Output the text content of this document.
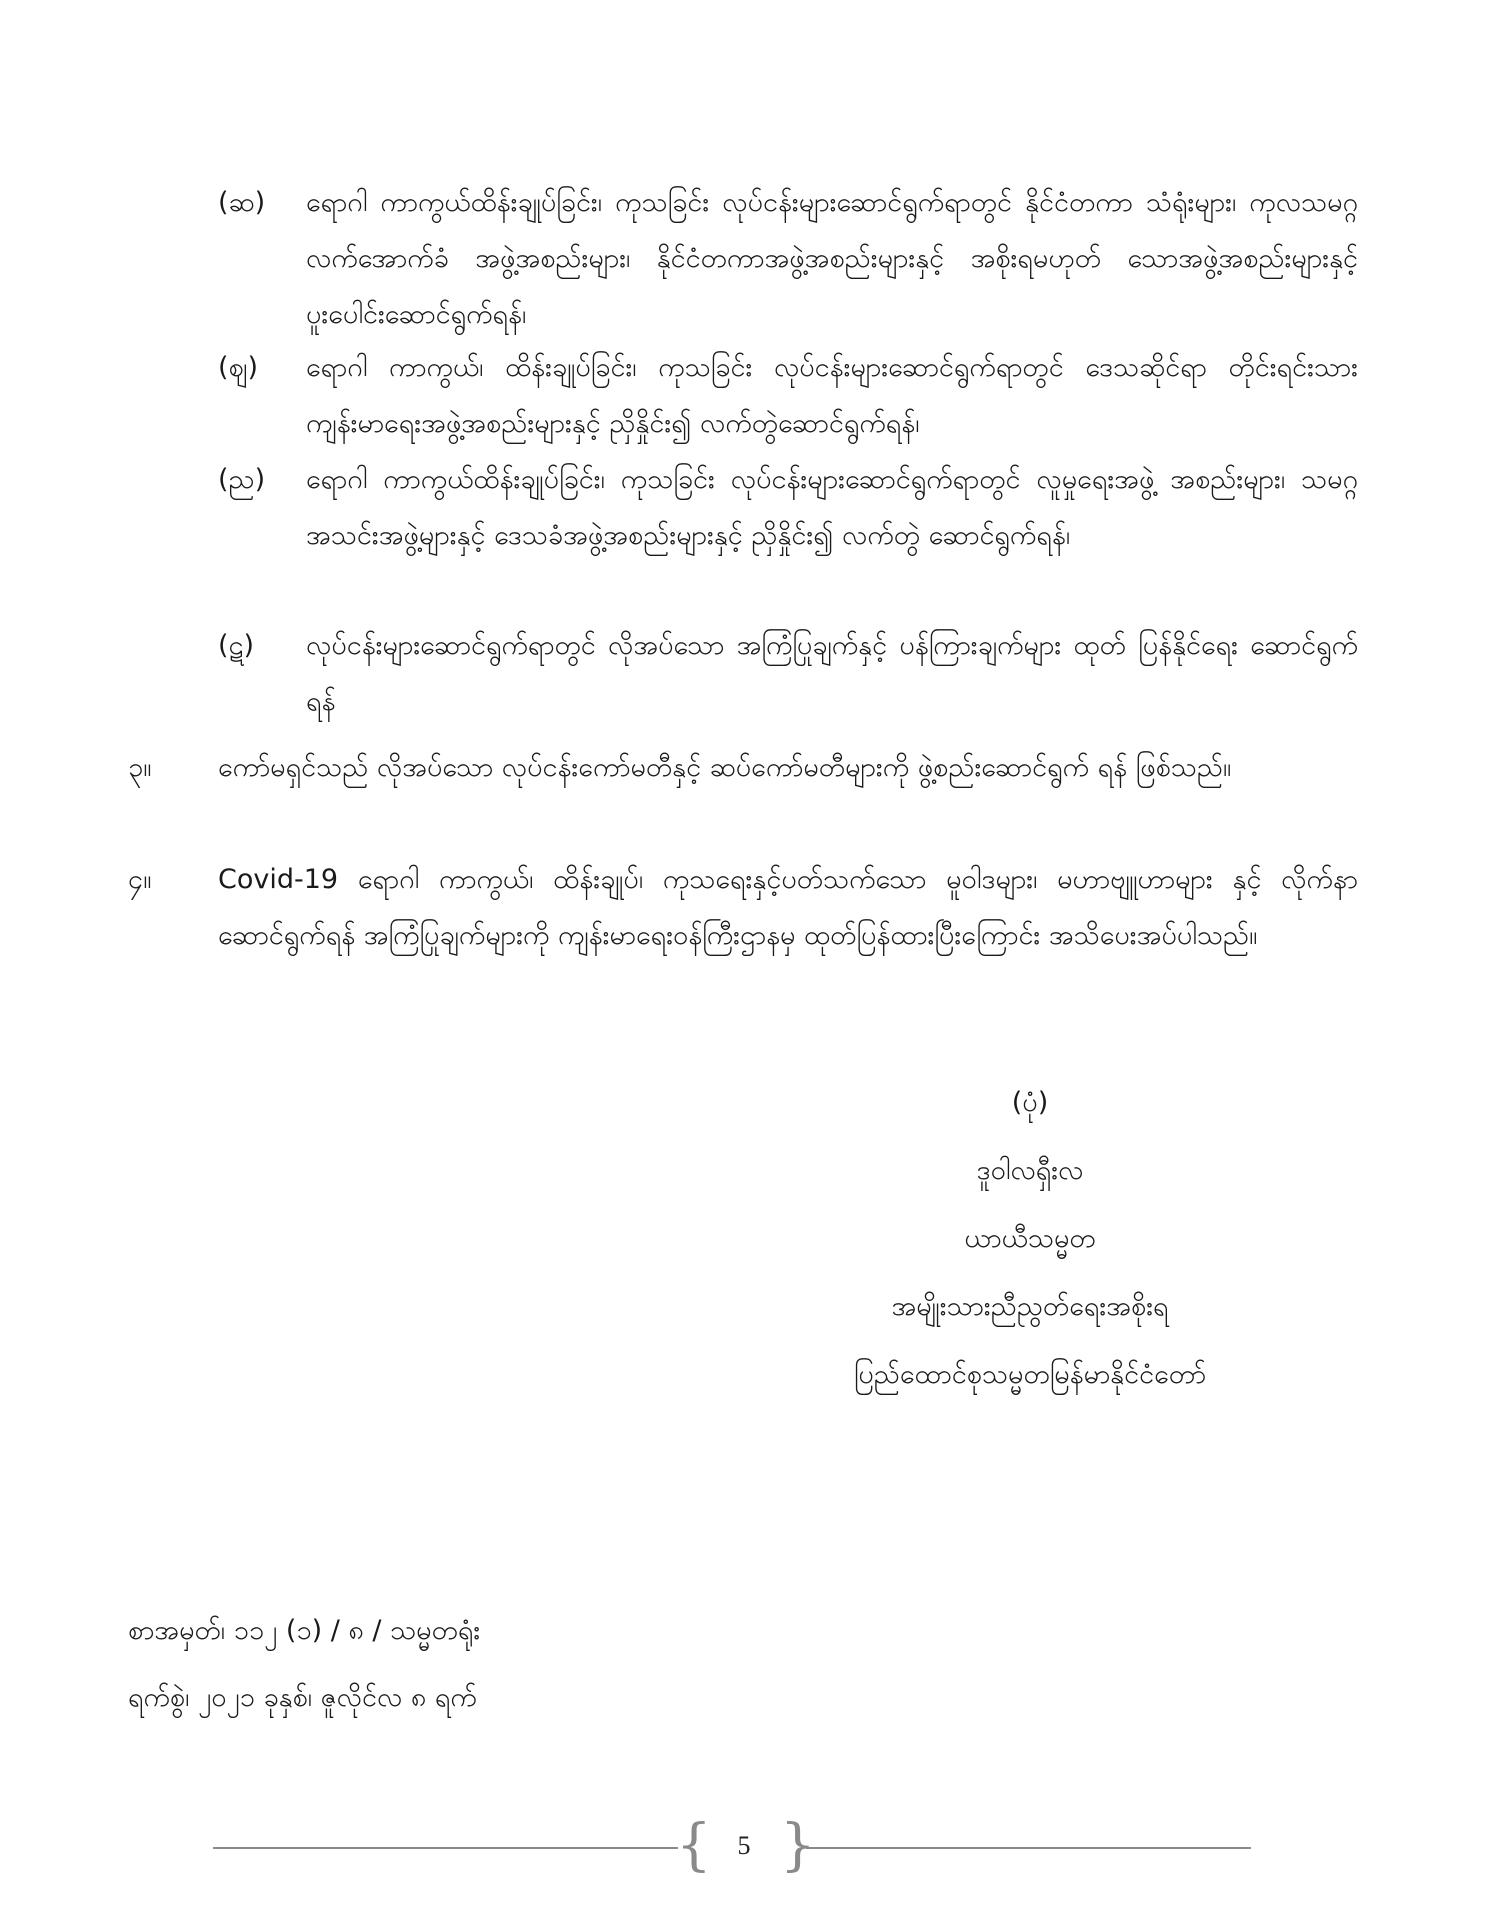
(ဆ) ရောဂါ ကာကွယ်ထိန်းချုပ်ခြင်း၊ ကုသခြင်း လုပ်ငန်းများဆောင်ရွက်ရာတွင် နိုင်ငံတကာ သံရုံးများ၊ ကုလသမဂ္ဂလက်အောက်ခံ အဖွဲ့အစည်းများ၊ နိုင်ငံတကာအဖွဲ့အစည်းများနှင့် အစိုးရမဟုတ် သောအဖွဲ့အစည်းများနှင့် ပူးပေါင်းဆောင်ရွက်ရန်၊
(ဈ) ရောဂါ ကာကွယ်၊ ထိန်းချုပ်ခြင်း၊ ကုသခြင်း လုပ်ငန်းများဆောင်ရွက်ရာတွင် ဒေသဆိုင်ရာ တိုင်းရင်းသား ကျန်းမာရေးအဖွဲ့အစည်းများနှင့် ညှိနှိုင်း၍ လက်တွဲဆောင်ရွက်ရန်၊
(ည) ရောဂါ ကာကွယ်ထိန်းချုပ်ခြင်း၊ ကုသခြင်း လုပ်ငန်းများဆောင်ရွက်ရာတွင် လူမှုရေးအဖွဲ့ အစည်းများ၊ သမဂ္ဂအသင်းအဖွဲ့များနှင့် ဒေသခံအဖွဲ့အစည်းများနှင့် ညှိနှိုင်း၍ လက်တွဲ ဆောင်ရွက်ရန်၊
(ဋ) လုပ်ငန်းများဆောင်ရွက်ရာတွင် လိုအပ်သော အကြံပြုချက်နှင့် ပန်ကြားချက်များ ထုတ် ပြန်နိုင်ရေး ဆောင်ရွက်ရန်
၃။ ကော်မရှင်သည် လိုအပ်သော လုပ်ငန်းကော်မတီနှင့် ဆပ်ကော်မတီများကို ဖွဲ့စည်းဆောင်ရွက် ရန် ဖြစ်သည်။
၄။ Covid-19 ရောဂါ ကာကွယ်၊ ထိန်းချုပ်၊ ကုသရေးနှင့်ပတ်သက်သော မူဝါဒများ၊ မဟာဗျူဟာများ နှင့် လိုက်နာဆောင်ရွက်ရန် အကြံပြုချက်များကို ကျန်းမာရေးဝန်ကြီးဌာနမှ ထုတ်ပြန်ထားပြီးကြောင်း အသိပေးအပ်ပါသည်။
(ပုံ)
ဒူဝါလရှီးလ
ယာယီသမ္မတ
အမျိုးသားညီညွတ်ရေးအစိုးရ
ပြည်ထောင်စုသမ္မတမြန်မာနိုင်ငံတော်
စာအမှတ်၊ ၁၁၂ (၁) / ၈ / သမ္မတရုံး
ရက်စွဲ၊ ၂၀၂၁ ခုနှစ်၊ ဇူလိုင်လ ၈ ရက်
{ }
5
